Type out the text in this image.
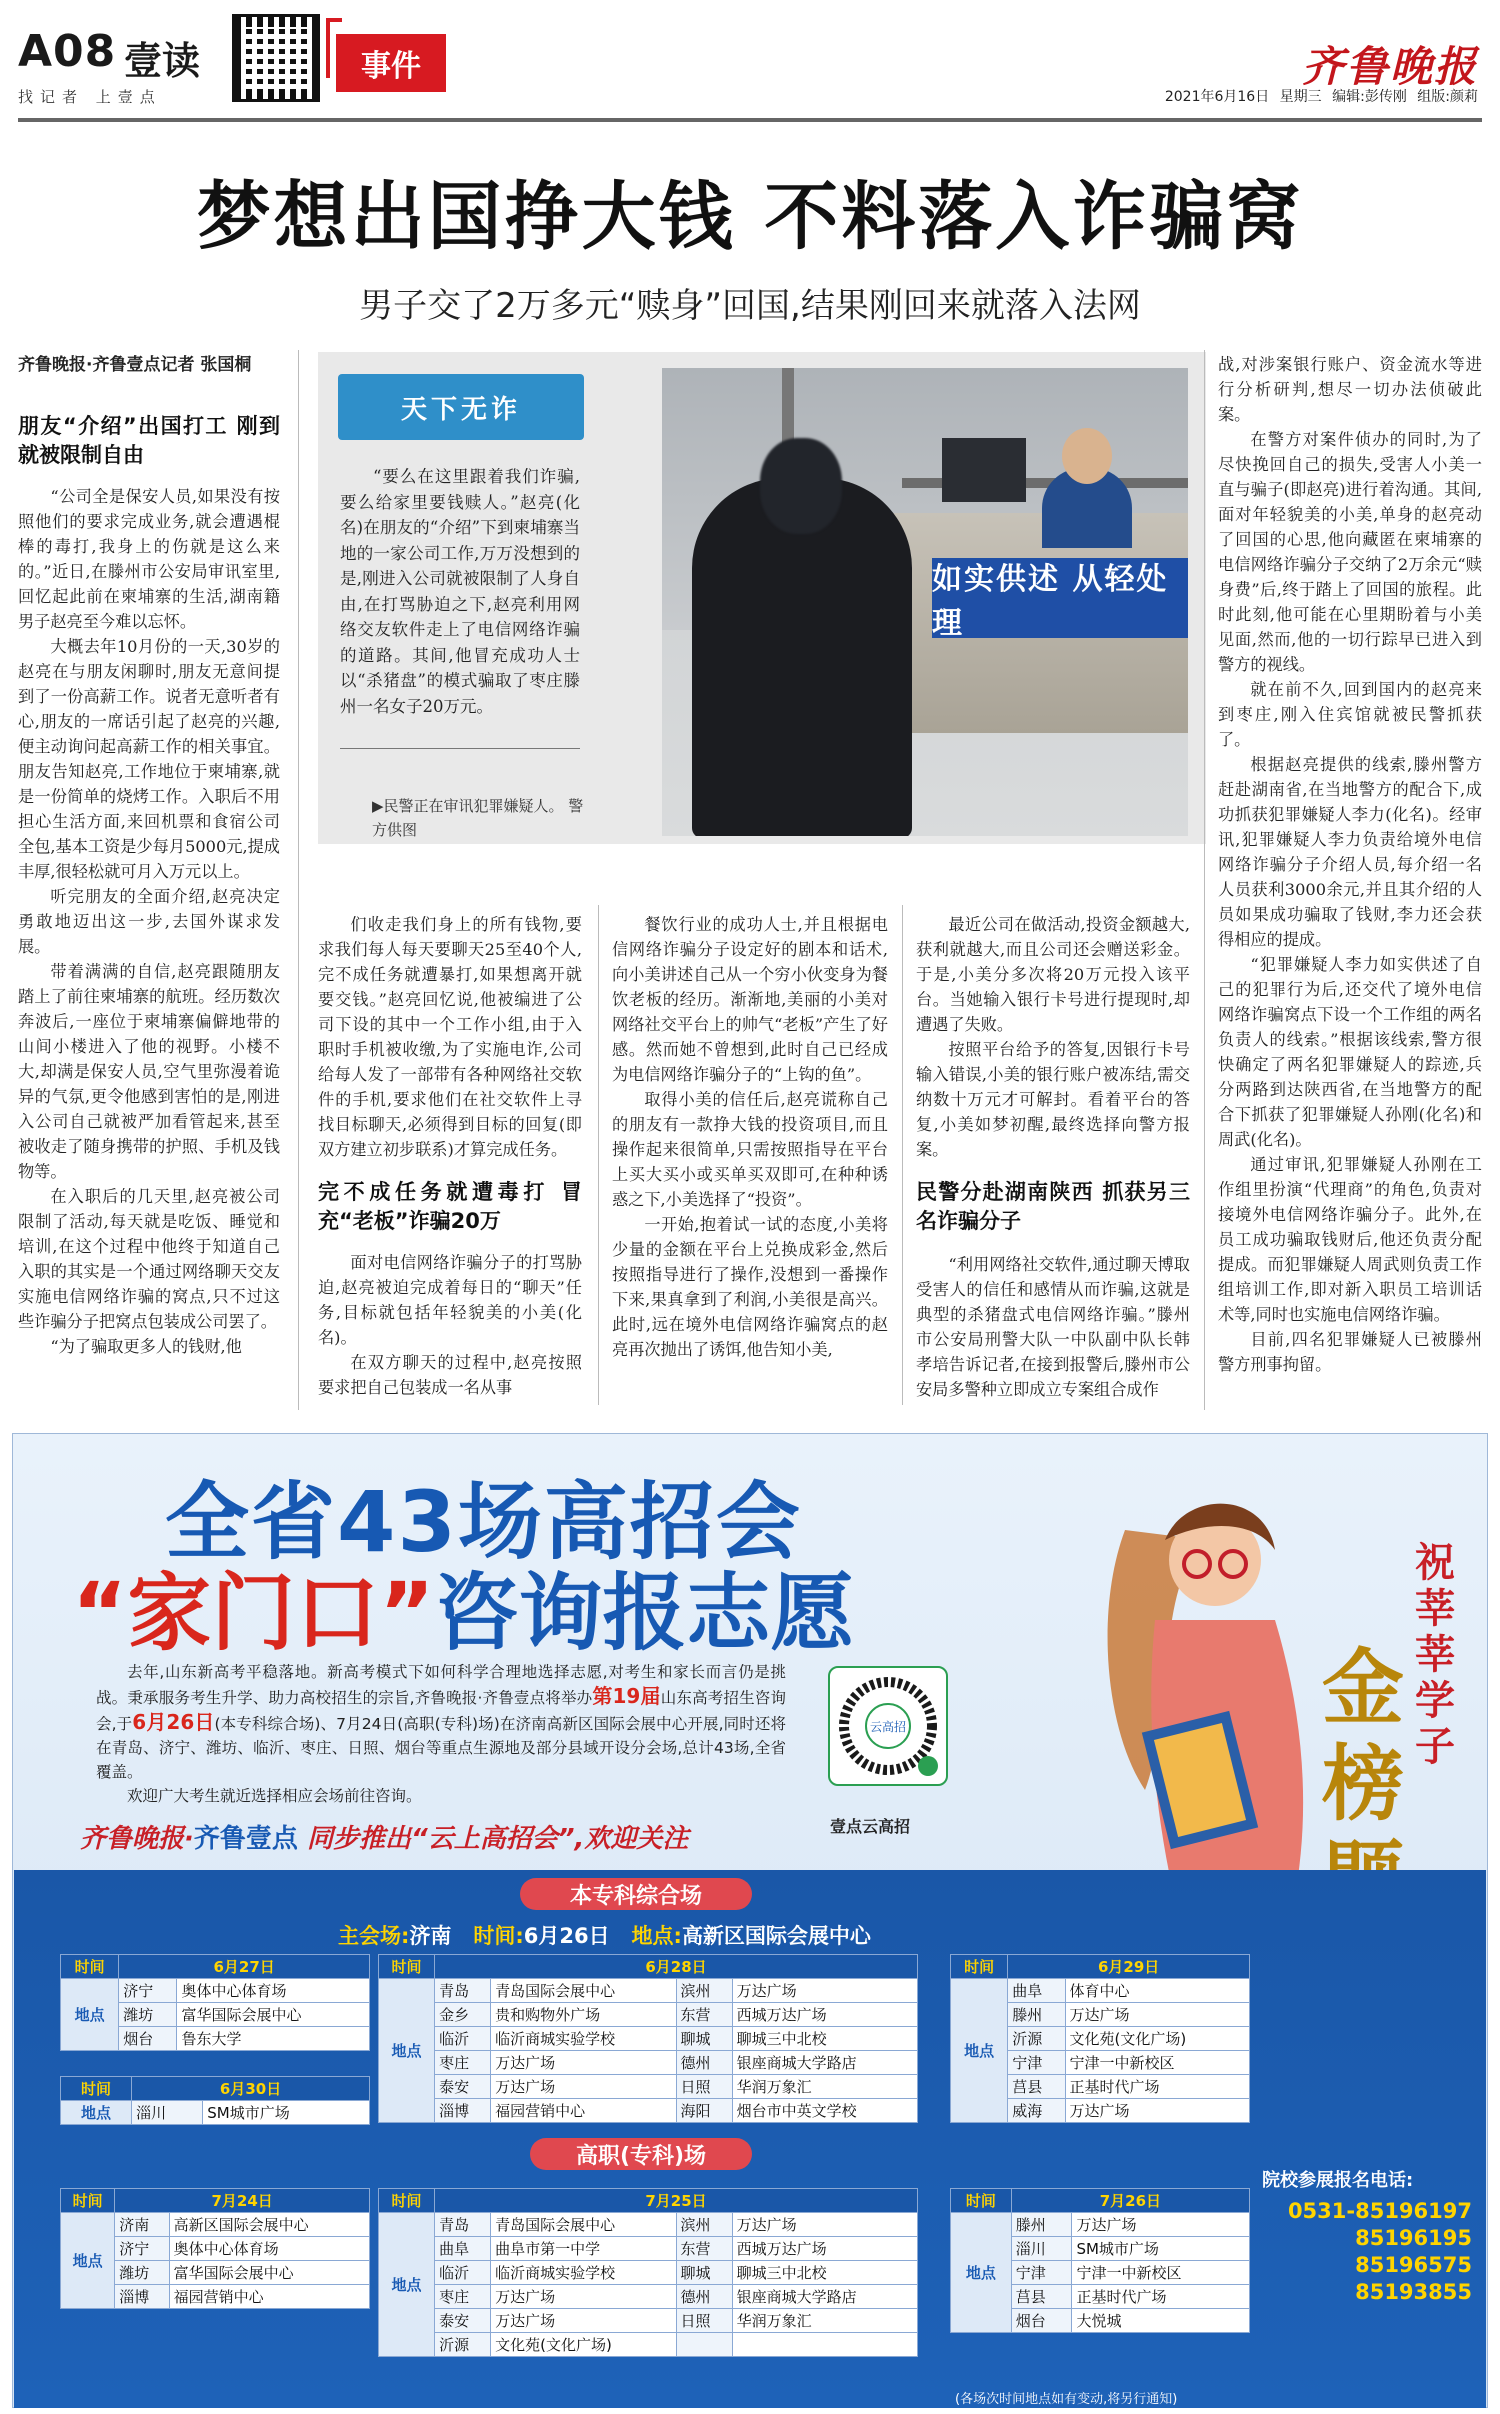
A08 壹读
找记者 上壹点
事件	齐鲁晚报
2021年6月16日 星期三 编辑:彭传刚 组版:颜莉
梦想出国挣大钱 不料落入诈骗窝
男子交了2万多元“赎身”回国,结果刚回来就落入法网
齐鲁晚报·齐鲁壹点记者 张国桐
朋友“介绍”出国打工 刚到就被限制自由

“公司全是保安人员,如果没有按照他们的要求完成业务,就会遭遇棍棒的毒打,我身上的伤就是这么来的。”近日,在滕州市公安局审讯室里,回忆起此前在柬埔寨的生活,湖南籍男子赵亮至今难以忘怀。

大概去年10月份的一天,30岁的赵亮在与朋友闲聊时,朋友无意间提到了一份高薪工作。说者无意听者有心,朋友的一席话引起了赵亮的兴趣,便主动询问起高薪工作的相关事宜。朋友告知赵亮,工作地位于柬埔寨,就是一份简单的烧烤工作。入职后不用担心生活方面,来回机票和食宿公司全包,基本工资是少每月5000元,提成丰厚,很轻松就可月入万元以上。

听完朋友的全面介绍,赵亮决定勇敢地迈出这一步,去国外谋求发展。

带着满满的自信,赵亮跟随朋友踏上了前往柬埔寨的航班。经历数次奔波后,一座位于柬埔寨偏僻地带的山间小楼进入了他的视野。小楼不大,却满是保安人员,空气里弥漫着诡异的气氛,更令他感到害怕的是,刚进入公司自己就被严加看管起来,甚至被收走了随身携带的护照、手机及钱物等。

在入职后的几天里,赵亮被公司限制了活动,每天就是吃饭、睡觉和培训,在这个过程中他终于知道自己入职的其实是一个通过网络聊天交友实施电信网络诈骗的窝点,只不过这些诈骗分子把窝点包装成公司罢了。

“为了骗取更多人的钱财,他

天下无诈

“要么在这里跟着我们诈骗,要么给家里要钱赎人。”赵亮(化名)在朋友的“介绍”下到柬埔寨当地的一家公司工作,万万没想到的是,刚进入公司就被限制了人身自由,在打骂胁迫之下,赵亮利用网络交友软件走上了电信网络诈骗的道路。其间,他冒充成功人士以“杀猪盘”的模式骗取了枣庄滕州一名女子20万元。

▶民警正在审讯犯罪嫌疑人。 警方供图
如实供述 从轻处理

们收走我们身上的所有钱物,要求我们每人每天要聊天25至40个人,完不成任务就遭暴打,如果想离开就要交钱。”赵亮回忆说,他被编进了公司下设的其中一个工作小组,由于入职时手机被收缴,为了实施电诈,公司给每人发了一部带有各种网络社交软件的手机,要求他们在社交软件上寻找目标聊天,必须得到目标的回复(即双方建立初步联系)才算完成任务。

完不成任务就遭毒打 冒充“老板”诈骗20万

面对电信网络诈骗分子的打骂胁迫,赵亮被迫完成着每日的“聊天”任务,目标就包括年轻貌美的小美(化名)。

在双方聊天的过程中,赵亮按照要求把自己包装成一名从事

餐饮行业的成功人士,并且根据电信网络诈骗分子设定好的剧本和话术,向小美讲述自己从一个穷小伙变身为餐饮老板的经历。渐渐地,美丽的小美对网络社交平台上的帅气“老板”产生了好感。然而她不曾想到,此时自己已经成为电信网络诈骗分子的“上钩的鱼”。

取得小美的信任后,赵亮谎称自己的朋友有一款挣大钱的投资项目,而且操作起来很简单,只需按照指导在平台上买大买小或买单买双即可,在种种诱惑之下,小美选择了“投资”。

一开始,抱着试一试的态度,小美将少量的金额在平台上兑换成彩金,然后按照指导进行了操作,没想到一番操作下来,果真拿到了利润,小美很是高兴。此时,远在境外电信网络诈骗窝点的赵亮再次抛出了诱饵,他告知小美,

最近公司在做活动,投资金额越大,获利就越大,而且公司还会赠送彩金。于是,小美分多次将20万元投入该平台。当她输入银行卡号进行提现时,却遭遇了失败。

按照平台给予的答复,因银行卡号输入错误,小美的银行账户被冻结,需交纳数十万元才可解封。看着平台的答复,小美如梦初醒,最终选择向警方报案。

民警分赴湖南陕西 抓获另三名诈骗分子

“利用网络社交软件,通过聊天博取受害人的信任和感情从而诈骗,这就是典型的杀猪盘式电信网络诈骗。”滕州市公安局刑警大队一中队副中队长韩孝培告诉记者,在接到报警后,滕州市公安局多警种立即成立专案组合成作

战,对涉案银行账户、资金流水等进行分析研判,想尽一切办法侦破此案。

在警方对案件侦办的同时,为了尽快挽回自己的损失,受害人小美一直与骗子(即赵亮)进行着沟通。其间,面对年轻貌美的小美,单身的赵亮动了回国的心思,他向藏匿在柬埔寨的电信网络诈骗分子交纳了2万余元“赎身费”后,终于踏上了回国的旅程。此时此刻,他可能在心里期盼着与小美见面,然而,他的一切行踪早已进入到警方的视线。

就在前不久,回到国内的赵亮来到枣庄,刚入住宾馆就被民警抓获了。

根据赵亮提供的线索,滕州警方赶赴湖南省,在当地警方的配合下,成功抓获犯罪嫌疑人李力(化名)。经审讯,犯罪嫌疑人李力负责给境外电信网络诈骗分子介绍人员,每介绍一名人员获利3000余元,并且其介绍的人员如果成功骗取了钱财,李力还会获得相应的提成。

“犯罪嫌疑人李力如实供述了自己的犯罪行为后,还交代了境外电信网络诈骗窝点下设一个工作组的两名负责人的线索。”根据该线索,警方很快确定了两名犯罪嫌疑人的踪迹,兵分两路到达陕西省,在当地警方的配合下抓获了犯罪嫌疑人孙刚(化名)和周武(化名)。

通过审讯,犯罪嫌疑人孙刚在工作组里扮演“代理商”的角色,负责对接境外电信网络诈骗分子。此外,在员工成功骗取钱财后,他还负责分配提成。而犯罪嫌疑人周武则负责工作组培训工作,即对新入职员工培训话术等,同时也实施电信网络诈骗。

目前,四名犯罪嫌疑人已被滕州警方刑事拘留。

全省43场高招会
“家门口”咨询报志愿

去年,山东新高考平稳落地。新高考模式下如何科学合理地选择志愿,对考生和家长而言仍是挑战。秉承服务考生升学、助力高校招生的宗旨,齐鲁晚报·齐鲁壹点将举办第19届山东高考招生咨询会,于6月26日(本专科综合场)、7月24日(高职(专科)场)在济南高新区国际会展中心开展,同时还将在青岛、济宁、潍坊、临沂、枣庄、日照、烟台等重点生源地及部分县域开设分会场,总计43场,全省覆盖。

欢迎广大考生就近选择相应会场前往咨询。

齐鲁晚报·齐鲁壹点 同步推出“云上高招会”,欢迎关注
云高招
壹点云高招
祝莘莘学子
金榜
本专科综合场
主会场:济南 时间:6月26日 地点:高新区国际会展中心
时间	6月27日	
地点	济宁	奥体中心体育场
	潍坊	富华国际会展中心
	烟台	鲁东大学
时间	6月30日	
地点	淄川	SM城市广场
时间	6月28日			
地点	青岛	青岛国际会展中心	滨州	万达广场
	金乡	贵和购物外广场	东营	西城万达广场
	临沂	临沂商城实验学校	聊城	聊城三中北校
	枣庄	万达广场	德州	银座商城大学路店
	泰安	万达广场	日照	华润万象汇
	淄博	福园营销中心	海阳	烟台市中英文学校
时间	6月29日	
地点	曲阜	体育中心
	滕州	万达广场
	沂源	文化苑(文化广场)
	宁津	宁津一中新校区
	莒县	正基时代广场
	威海	万达广场
高职(专科)场
时间	7月24日	
地点	济南	高新区国际会展中心
	济宁	奥体中心体育场
	潍坊	富华国际会展中心
	淄博	福园营销中心
时间	7月25日			
地点	青岛	青岛国际会展中心	滨州	万达广场
	曲阜	曲阜市第一中学	东营	西城万达广场
	临沂	临沂商城实验学校	聊城	聊城三中北校
	枣庄	万达广场	德州	银座商城大学路店
	泰安	万达广场	日照	华润万象汇
	沂源	文化苑(文化广场)		
时间	7月26日	
地点	滕州	万达广场
	淄川	SM城市广场
	宁津	宁津一中新校区
	莒县	正基时代广场
	烟台	大悦城
院校参展报名电话:
0531-85196197
85196195
85196575
85193855
(各场次时间地点如有变动,将另行通知)
